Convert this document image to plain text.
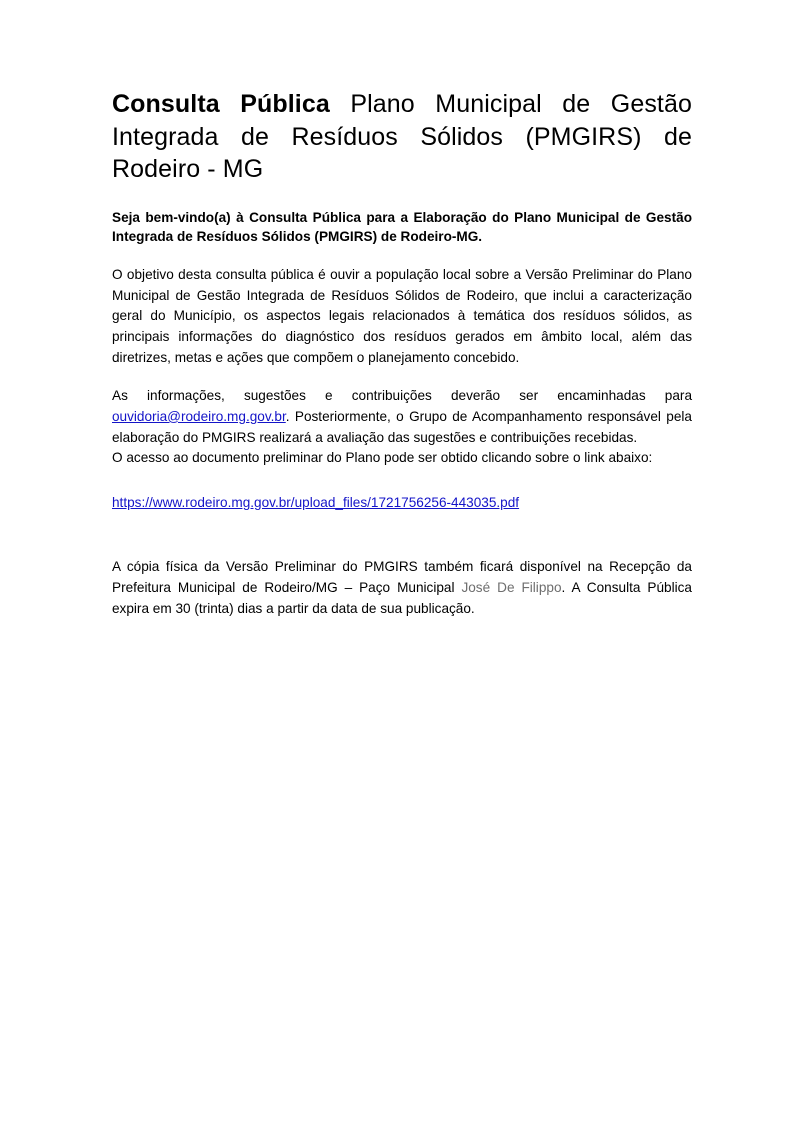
Consulta Pública Plano Municipal de Gestão Integrada de Resíduos Sólidos (PMGIRS) de Rodeiro - MG

Seja bem-vindo(a) à Consulta Pública para a Elaboração do Plano Municipal de Gestão Integrada de Resíduos Sólidos (PMGIRS) de Rodeiro-MG.

O objetivo desta consulta pública é ouvir a população local sobre a Versão Preliminar do Plano Municipal de Gestão Integrada de Resíduos Sólidos de Rodeiro, que inclui a caracterização geral do Município, os aspectos legais relacionados à temática dos resíduos sólidos, as principais informações do diagnóstico dos resíduos gerados em âmbito local, além das diretrizes, metas e ações que compõem o planejamento concebido.

As informações, sugestões e contribuições deverão ser encaminhadas para ouvidoria@rodeiro.mg.gov.br. Posteriormente, o Grupo de Acompanhamento responsável pela elaboração do PMGIRS realizará a avaliação das sugestões e contribuições recebidas.

O acesso ao documento preliminar do Plano pode ser obtido clicando sobre o link abaixo:

https://www.rodeiro.mg.gov.br/upload_files/1721756256-443035.pdf

A cópia física da Versão Preliminar do PMGIRS também ficará disponível na Recepção da Prefeitura Municipal de Rodeiro/MG – Paço Municipal José De Filippo. A Consulta Pública expira em 30 (trinta) dias a partir da data de sua publicação.
